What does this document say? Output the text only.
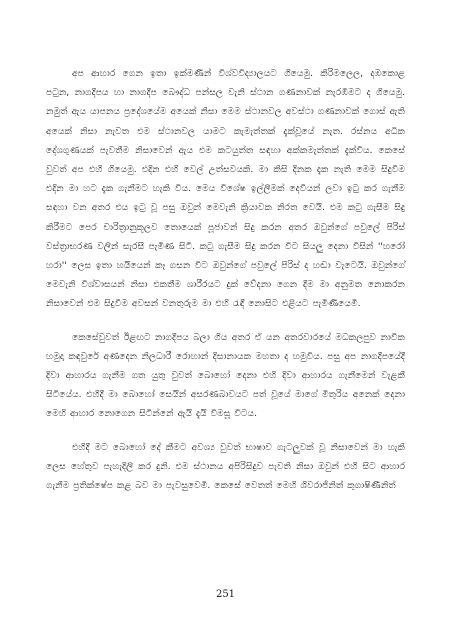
අප ආහාර ගෙන ඉතා ඉක්මණින් විශ්වවිද්‍යාලයට ගියෙමු. කිරිමලෙල, දඹකොළ පටුන, නාගදීපය හා නාගදීප බෞද්ධ පන්සල වැනි ස්ථාන ගණනාවක් නැරඹීමට ද ගියෙමු. නමුත් ඇය යාපනය ප්‍රදේශයේම අයෙක් නිසා මෙම ස්ථානවල අවස්ථා ගණනාවක් ගොස් ඇති අයෙක් නිසා නැවත එම ස්ථානවල යාමට කැමැත්තක් දැක්වූයේ නැත. රස්නය අධික දේශගුණයක් පැවතීම නිසාවෙන් ඇය එම කටයුත්ත සඳහා අක්කමැත්තක් දැක්විය. කෙසේ වුවත් අප එහි ගියෙමු. එදින එහි වෙල් උත්සවයකි. මා කිසි දිනක දැක නැති මෙම සිදුවීම එදින මා හට දැක ගැනීමට හැකි විය. මෙය විශේෂ ඉල්ලීමක් දෙවියන් ලවා ඉටු කර ගැනීම සඳහා වන අතර එය ඉටු වූ පසු ඔවුන් මෙවැනි ක්‍රියාවක නිරත වෙයි. එම කටු ගැසීම සිදු කිරීමට පෙර චාරිත්‍රානුකූලව තොයෙක් පූජාවන් සිදු කරන අතර ඔවුන්ගේ පවුලේ පිරිස් වස්ත්‍රාභරණ වලින් සැරසී පැමිණ සිටී. කටු ගැසීම සිදු කරන විට සියලු දෙනා විසින් ''හරෝ හරා'' ලෙස ඉතා හයියෙන් කෑ ගසන විට ඔවුන්ගේ පවුලේ පිරිස් ද හඬා වැටෙයි. ඔවුන්ගේ මෙවැනි විශ්වාසයන් නිසා එකතීම ශාරීරයට දුක් වේදනා ගෙන දීම මා අනුමත නොකරන නිසාවෙන් එම සිදුවීම අවසන් වනතුරුම මා එහි රැඳී නොසිට එළියට පැමිණියෙමි.

කෙසේවුවත් ඊළඟට නාගදීපය බලා ගිය අතර ඒ යන අතරවාරයේ මධකලපුව නාවික හමුදා කඳවුරේ අණදෙන නිලධාරී රොහාන් දිසානායක මහතා ද හමුවිය. පසු අප නාගදීපයේදී දිවා ආහාරය ගැනීම ගත යුතු වුවත් බොහෝ දෙනා එහි දිවා ආහාරය ගැනීමෙන් වැළකී සිටියේය. එහිදී මා බොහෝ සෙයින් අසරණබාවයට පත් වූයේ මාගේ මිතුරිය අනෙක් දෙනා මෙහි ආහාර නොගෙන සිටින්නේ ඇයි දැයි විමසූ විටය.

එහිදී මට බොහෝ දේ කීමට අවශ්‍ය වුවත් භාෂාව ගැටලුවක් වූ නිසාවෙන් මා හැකි ලෙස හේතුව පැහැදිලි කර දුනි. එම ස්ථානය අපිරිසිදුව පැවති නිසා ඔවුන් එහි සිට ආහාර ගැනීම ප්‍රතික්ෂේප කළ බව මා පැවසුවෙමි. කෙසේ වෙතත් මෙහි ශිවරාජිනිත් කුගාෂිණීනිත්

251
